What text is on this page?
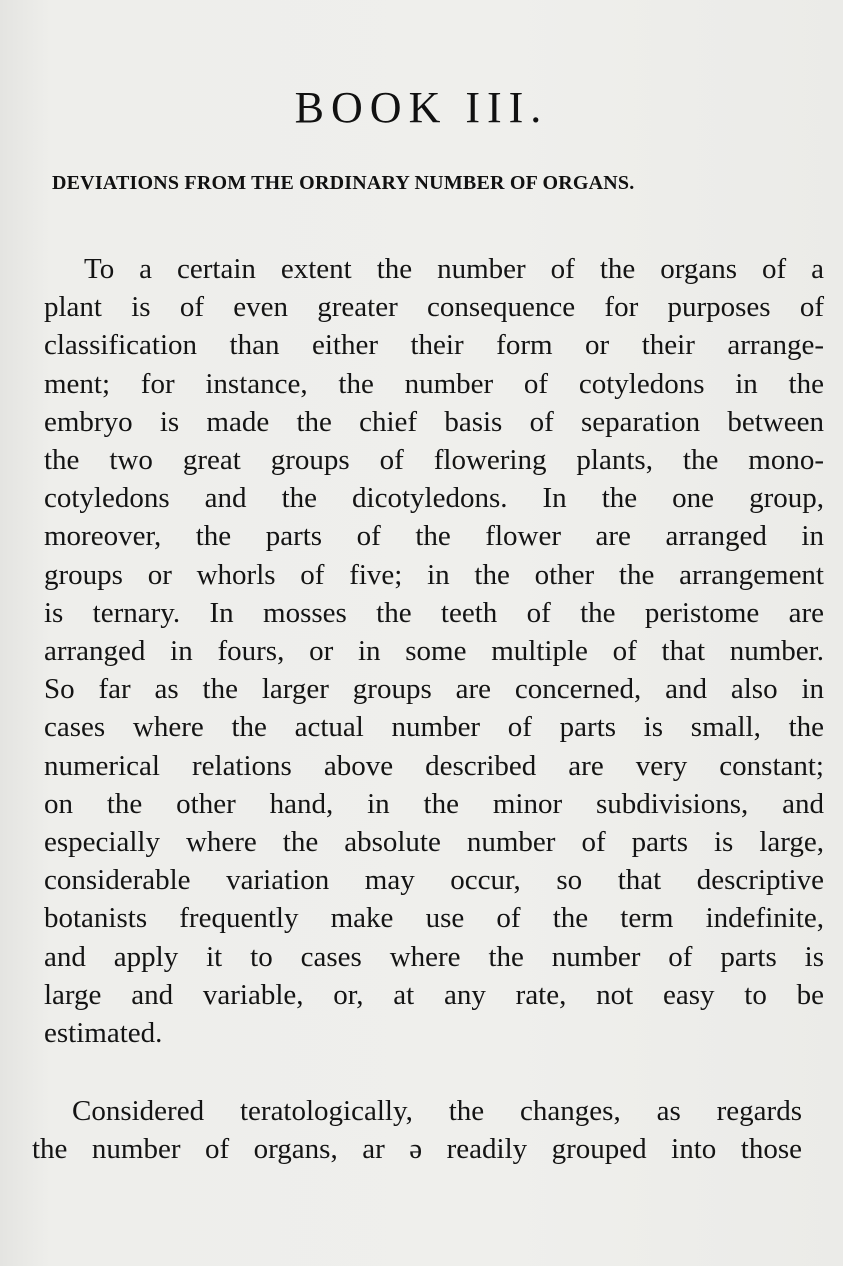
BOOK III.
DEVIATIONS FROM THE ORDINARY NUMBER OF ORGANS.
To a certain extent the number of the organs of a
plant is of even greater consequence for purposes of
classification than either their form or their arrange-
ment; for instance, the number of cotyledons in the
embryo is made the chief basis of separation between
the two great groups of flowering plants, the mono-
cotyledons and the dicotyledons. In the one group,
moreover, the parts of the flower are arranged in
groups or whorls of five; in the other the arrangement
is ternary. In mosses the teeth of the peristome are
arranged in fours, or in some multiple of that number.
So far as the larger groups are concerned, and also in
cases where the actual number of parts is small, the
numerical relations above described are very constant;
on the other hand, in the minor subdivisions, and
especially where the absolute number of parts is large,
considerable variation may occur, so that descriptive
botanists frequently make use of the term indefinite,
and apply it to cases where the number of parts is
large and variable, or, at any rate, not easy to be
estimated.
Considered teratologically, the changes, as regards
the number of organs, ar ə readily grouped into those
